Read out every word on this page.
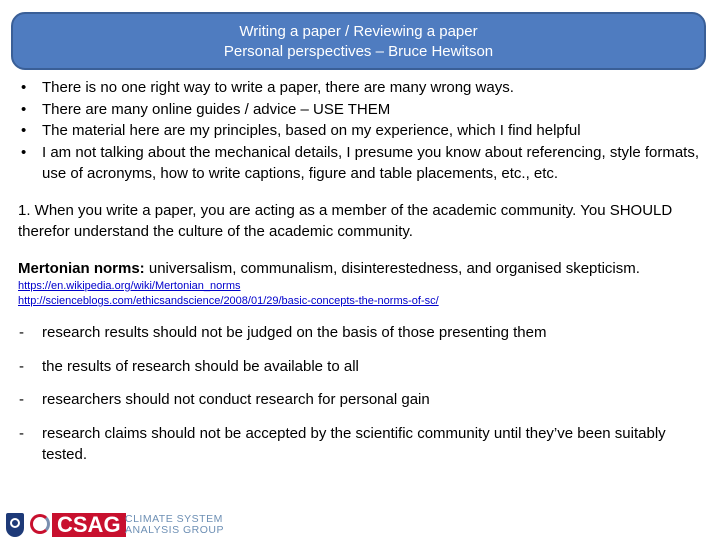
Writing a paper / Reviewing a paper
Personal perspectives – Bruce Hewitson
• There is no one right way to write a paper, there are many wrong ways.
• There are many online guides / advice – USE THEM
• The material here are my principles, based on my experience, which I find helpful
• I am not talking about the mechanical details, I presume you know about referencing, style formats, use of acronyms, how to write captions, figure and table placements, etc., etc.
1. When you write a paper, you are acting as a member of the academic community. You SHOULD therefor understand the culture of the academic community.
Mertonian norms: universalism, communalism, disinterestedness, and organised skepticism.
https://en.wikipedia.org/wiki/Mertonian_norms
http://scienceblogs.com/ethicsandscience/2008/01/29/basic-concepts-the-norms-of-sc/
- research results should not be judged on the basis of those presenting them
- the results of research should be available to all
- researchers should not conduct research for personal gain
- research claims should not be accepted by the scientific community until they’ve been suitably tested.
CSAG CLIMATE SYSTEM
ANALYSIS GROUP
